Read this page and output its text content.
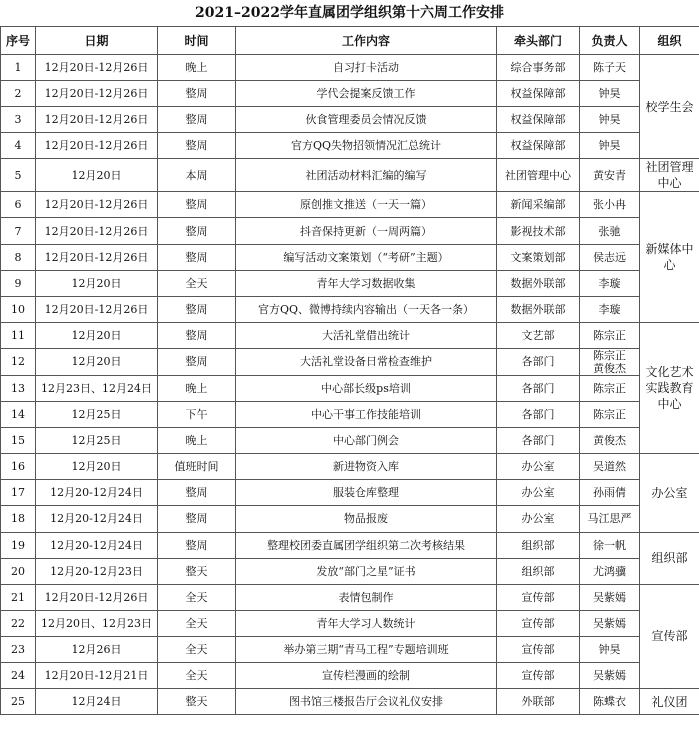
2021–2022学年直属团学组织第十六周工作安排
序号	日期	时间	工作内容	牵头部门	负责人	组织
1	12月20日-12月26日	晚上	自习打卡活动	综合事务部	陈子天	校学生会
2	12月20日-12月26日	整周	学代会提案反馈工作	权益保障部	钟昊	
3	12月20日-12月26日	整周	伙食管理委员会情况反馈	权益保障部	钟昊	
4	12月20日-12月26日	整周	官方QQ失物招领情况汇总统计	权益保障部	钟昊	
5	12月20日	本周	社团活动材料汇编的编写	社团管理中心	黄安青	社团管理
中心
6	12月20日-12月26日	整周	原创推文推送（一天一篇）	新闻采编部	张小冉	新媒体中
心
7	12月20日-12月26日	整周	抖音保持更新（一周两篇）	影视技术部	张驰	
8	12月20日-12月26日	整周	编写活动文案策划（“考研”主题）	文案策划部	侯志远	
9	12月20日	全天	青年大学习数据收集	数据外联部	李璇	
10	12月20日-12月26日	整周	官方QQ、微博持续内容输出（一天各一条）	数据外联部	李璇	
11	12月20日	整周	大活礼堂借出统计	文艺部	陈宗正	文化艺术
实践教育
中心
12	12月20日	整周	大活礼堂设备日常检查维护	各部门	陈宗正
黄俊杰	
13	12月23日、12月24日	晚上	中心部长级ps培训	各部门	陈宗正	
14	12月25日	下午	中心干事工作技能培训	各部门	陈宗正	
15	12月25日	晚上	中心部门例会	各部门	黄俊杰	
16	12月20日	值班时间	新进物资入库	办公室	吴道然	办公室
17	12月20-12月24日	整周	服装仓库整理	办公室	孙雨倩	
18	12月20-12月24日	整周	物品报废	办公室	马江思严	
19	12月20-12月24日	整周	整理校团委直属团学组织第二次考核结果	组织部	徐一帆	组织部
20	12月20-12月23日	整天	发放“部门之星”证书	组织部	尤鸿骥	
21	12月20日-12月26日	全天	表情包制作	宣传部	吴紫嫣	宣传部
22	12月20日、12月23日	全天	青年大学习人数统计	宣传部	吴紫嫣	
23	12月26日	全天	举办第三期“青马工程”专题培训班	宣传部	钟昊	
24	12月20日-12月21日	全天	宣传栏漫画的绘制	宣传部	吴紫嫣	
25	12月24日	整天	图书馆三楼报告厅会议礼仪安排	外联部	陈蝶衣	礼仪团
